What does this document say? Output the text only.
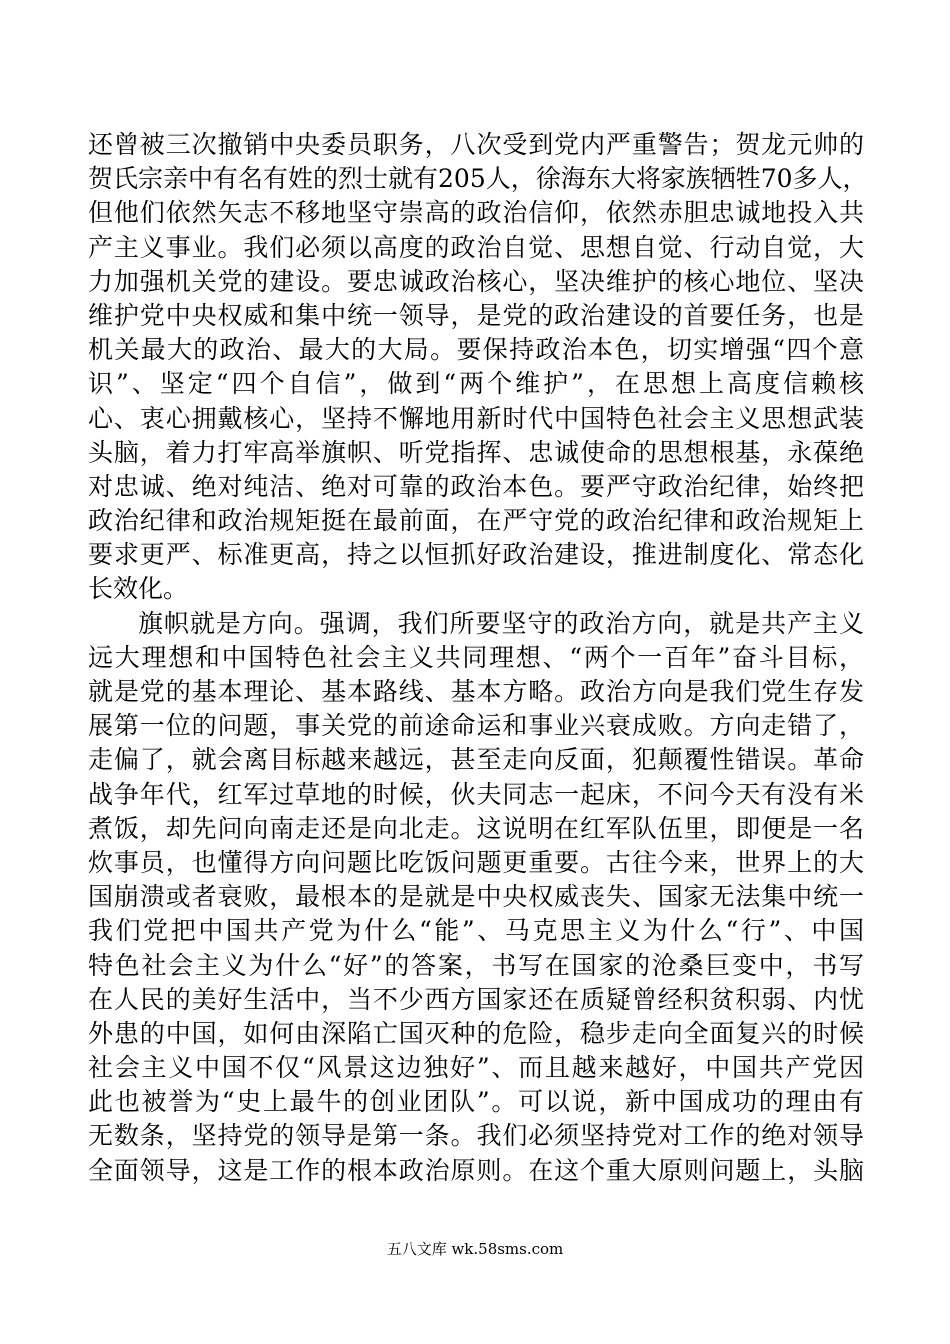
还曾被三次撤销中央委员职务，八次受到党内严重警告；贺龙元帅的
贺氏宗亲中有名有姓的烈士就有205人，徐海东大将家族牺牲70多人，
但他们依然矢志不移地坚守崇高的政治信仰，依然赤胆忠诚地投入共
产主义事业。我们必须以高度的政治自觉、思想自觉、行动自觉，大
力加强机关党的建设。要忠诚政治核心，坚决维护的核心地位、坚决
维护党中央权威和集中统一领导，是党的政治建设的首要任务，也是
机关最大的政治、最大的大局。要保持政治本色，切实增强“四个意
识”、坚定“四个自信”，做到“两个维护”，在思想上高度信赖核
心、衷心拥戴核心，坚持不懈地用新时代中国特色社会主义思想武装
头脑，着力打牢高举旗帜、听党指挥、忠诚使命的思想根基，永葆绝
对忠诚、绝对纯洁、绝对可靠的政治本色。要严守政治纪律，始终把
政治纪律和政治规矩挺在最前面，在严守党的政治纪律和政治规矩上
要求更严、标准更高，持之以恒抓好政治建设，推进制度化、常态化
长效化。
旗帜就是方向。强调，我们所要坚守的政治方向，就是共产主义
远大理想和中国特色社会主义共同理想、“两个一百年”奋斗目标，
就是党的基本理论、基本路线、基本方略。政治方向是我们党生存发
展第一位的问题，事关党的前途命运和事业兴衰成败。方向走错了，
走偏了，就会离目标越来越远，甚至走向反面，犯颠覆性错误。革命
战争年代，红军过草地的时候，伙夫同志一起床，不问今天有没有米
煮饭，却先问向南走还是向北走。这说明在红军队伍里，即便是一名
炊事员，也懂得方向问题比吃饭问题更重要。古往今来，世界上的大
国崩溃或者衰败，最根本的是就是中央权威丧失、国家无法集中统一
我们党把中国共产党为什么“能”、马克思主义为什么“行”、中国
特色社会主义为什么“好”的答案，书写在国家的沧桑巨变中，书写
在人民的美好生活中，当不少西方国家还在质疑曾经积贫积弱、内忧
外患的中国，如何由深陷亡国灭种的危险，稳步走向全面复兴的时候
社会主义中国不仅“风景这边独好”、而且越来越好，中国共产党因
此也被誉为“史上最牛的创业团队”。可以说，新中国成功的理由有
无数条，坚持党的领导是第一条。我们必须坚持党对工作的绝对领导
全面领导，这是工作的根本政治原则。在这个重大原则问题上，头脑
五八文库 wk.58sms.com
